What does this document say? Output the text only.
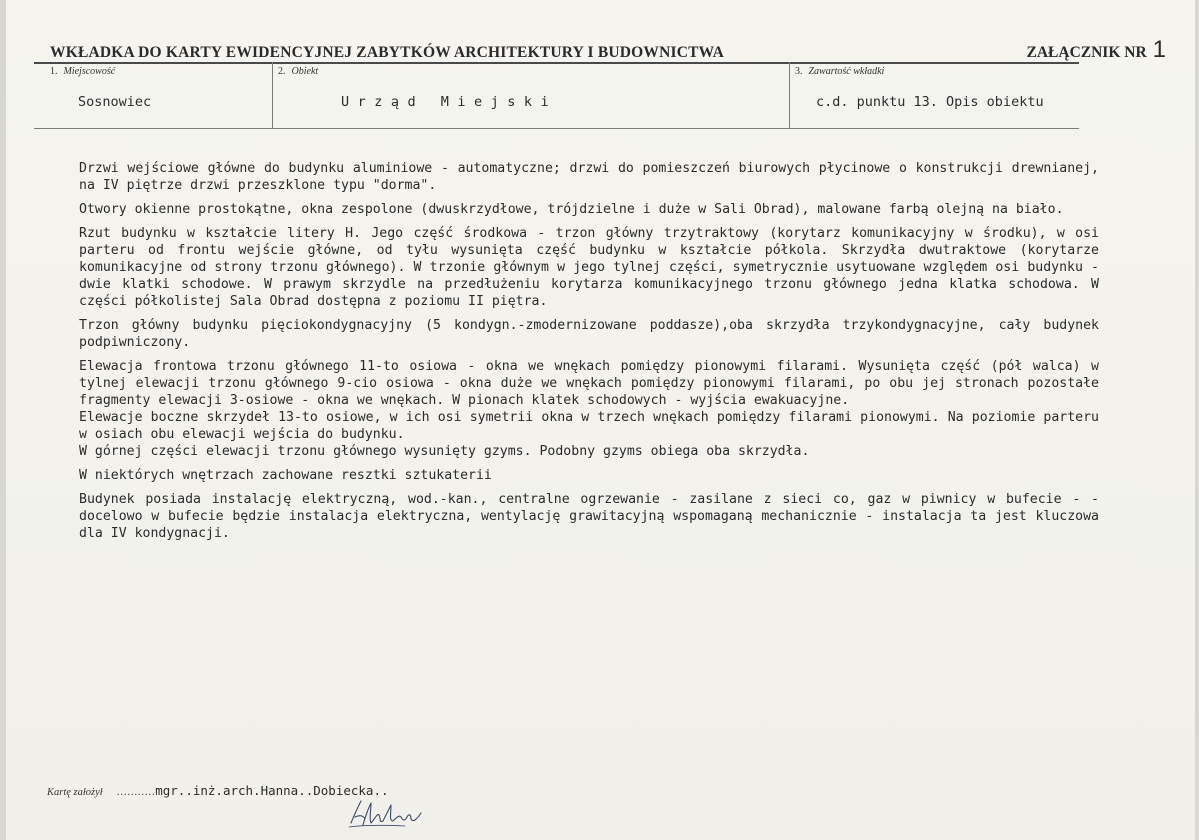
WKŁADKA DO KARTY EWIDENCYJNEJ ZABYTKÓW ARCHITEKTURY I BUDOWNICTWA	ZAŁĄCZNIK NR 1
1. Miejscowość	2. Obiekt	3. Zawartość wkładki
Sosnowiec	Urząd Miejski	c.d. punktu 13. Opis obiektu

Drzwi wejściowe główne do budynku aluminiowe - automatyczne; drzwi do pomieszczeń biurowych płycinowe o konstrukcji drewnianej, na IV piętrze drzwi przeszklone typu "dorma".

Otwory okienne prostokątne, okna zespolone (dwuskrzydłowe, trójdzielne i duże w Sali Obrad), malowane farbą olejną na biało.

Rzut budynku w kształcie litery H. Jego część środkowa - trzon główny trzytraktowy (korytarz komunikacyjny w środku), w osi parteru od frontu wejście główne, od tyłu wysunięta część budynku w kształcie półkola. Skrzydła dwutraktowe (korytarze komunikacyjne od strony trzonu głównego). W trzonie głównym w jego tylnej części, symetrycznie usytuowane względem osi budynku - dwie klatki schodowe. W prawym skrzydle na przedłużeniu korytarza komunikacyjnego trzonu głównego jedna klatka schodowa. W części półkolistej Sala Obrad dostępna z poziomu II piętra.

Trzon główny budynku pięciokondygnacyjny (5 kondygn.-zmodernizowane poddasze),oba skrzydła trzykondygnacyjne, cały budynek podpiwniczony.

Elewacja frontowa trzonu głównego 11-to osiowa - okna we wnękach pomiędzy pionowymi filarami. Wysunięta część (pół walca) w tylnej elewacji trzonu głównego 9-cio osiowa - okna duże we wnękach pomiędzy pionowymi filarami, po obu jej stronach pozostałe fragmenty elewacji 3-osiowe - okna we wnękach. W pionach klatek schodowych - wyjścia ewakuacyjne.

Elewacje boczne skrzydeł 13-to osiowe, w ich osi symetrii okna w trzech wnękach pomiędzy filarami pionowymi. Na poziomie parteru w osiach obu elewacji wejścia do budynku.

W górnej części elewacji trzonu głównego wysunięty gzyms. Podobny gzyms obiega oba skrzydła.

W niektórych wnętrzach zachowane resztki sztukaterii

Budynek posiada instalację elektryczną, wod.-kan., centralne ogrzewanie - zasilane z sieci co, gaz w piwnicy w bufecie - - docelowo w bufecie będzie instalacja elektryczna, wentylację grawitacyjną wspomaganą mechanicznie - instalacja ta jest kluczowa dla IV kondygnacji.

Kartę założył ...........mgr..inż.arch.Hanna..Dobiecka..
